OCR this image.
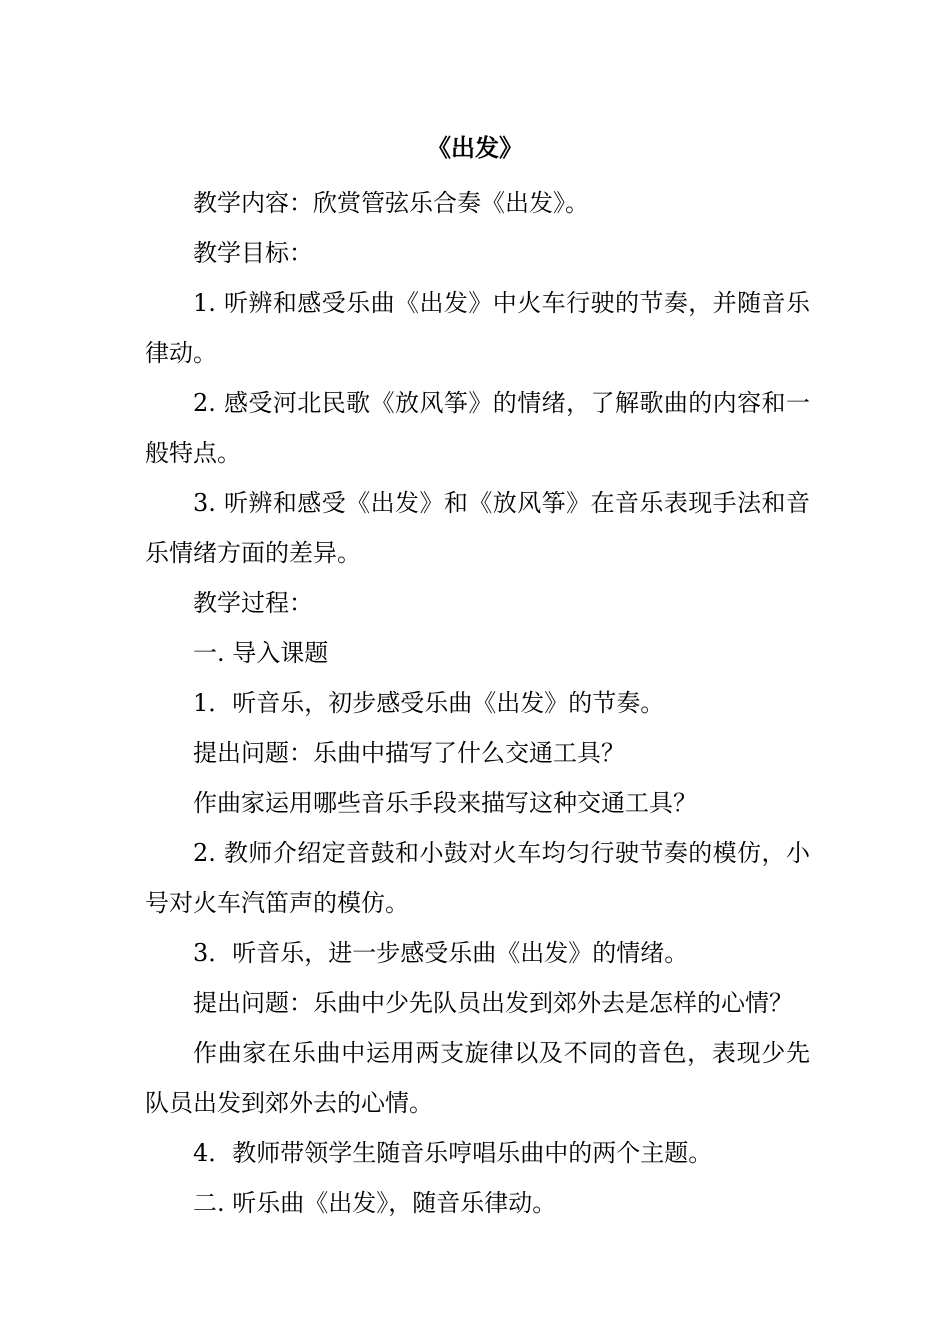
《出发》

教学内容：欣赏管弦乐合奏《出发》。

教学目标：

1. 听辨和感受乐曲《出发》中火车行驶的节奏，并随音乐律动。

2. 感受河北民歌《放风筝》的情绪，了解歌曲的内容和一般特点。

3. 听辨和感受《出发》和《放风筝》在音乐表现手法和音乐情绪方面的差异。

教学过程：

一. 导入课题

1．听音乐，初步感受乐曲《出发》的节奏。

提出问题：乐曲中描写了什么交通工具？

作曲家运用哪些音乐手段来描写这种交通工具？

2. 教师介绍定音鼓和小鼓对火车均匀行驶节奏的模仿，小号对火车汽笛声的模仿。

3．听音乐，进一步感受乐曲《出发》的情绪。

提出问题：乐曲中少先队员出发到郊外去是怎样的心情？

作曲家在乐曲中运用两支旋律以及不同的音色，表现少先队员出发到郊外去的心情。

4．教师带领学生随音乐哼唱乐曲中的两个主题。

二. 听乐曲《出发》，随音乐律动。
